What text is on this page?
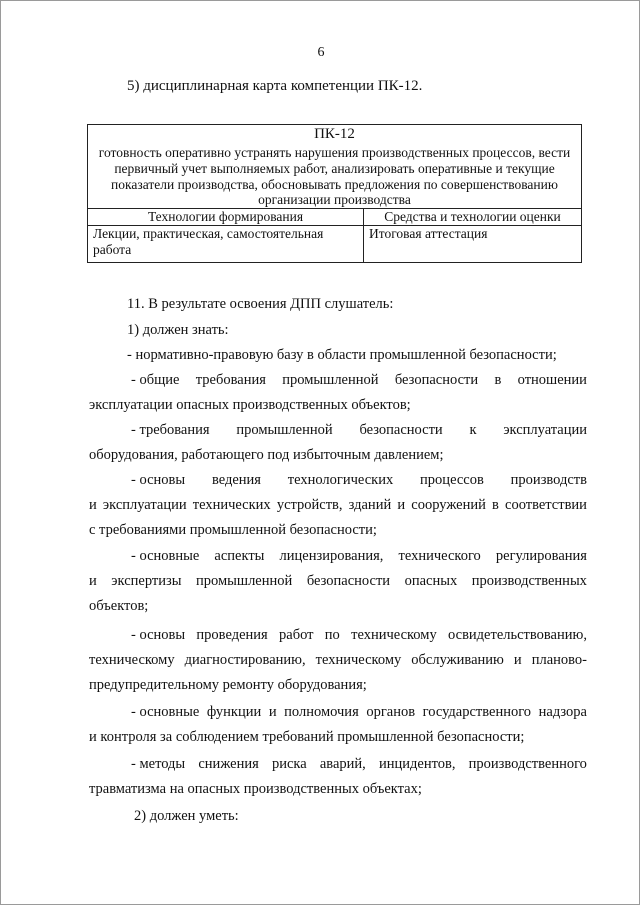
6
5) дисциплинарная карта компетенции ПК-12.
ПК-12
готовность оперативно устранять нарушения производственных процессов, вести первичный учет выполняемых работ, анализировать оперативные и текущие показатели производства, обосновывать предложения по совершенствованию организации производства	
Технологии формирования	Средства и технологии оценки
Лекции, практическая, самостоятельная работа	Итоговая аттестация
11. В результате освоения ДПП слушатель:
1) должен знать:
- нормативно-правовую базу в области промышленной безопасности;
- общие требования промышленной безопасности в отношении
эксплуатации опасных производственных объектов;
- требования промышленной безопасности к эксплуатации
оборудования, работающего под избыточным давлением;
- основы ведения технологических процессов производств
и эксплуатации технических устройств, зданий и сооружений в соответствии
с требованиями промышленной безопасности;
- основные аспекты лицензирования, технического регулирования
и экспертизы промышленной безопасности опасных производственных
объектов;
- основы проведения работ по техническому освидетельствованию,
техническому диагностированию, техническому обслуживанию и планово-
предупредительному ремонту оборудования;
- основные функции и полномочия органов государственного надзора
и контроля за соблюдением требований промышленной безопасности;
- методы снижения риска аварий, инцидентов, производственного
травматизма на опасных производственных объектах;
2) должен уметь:
